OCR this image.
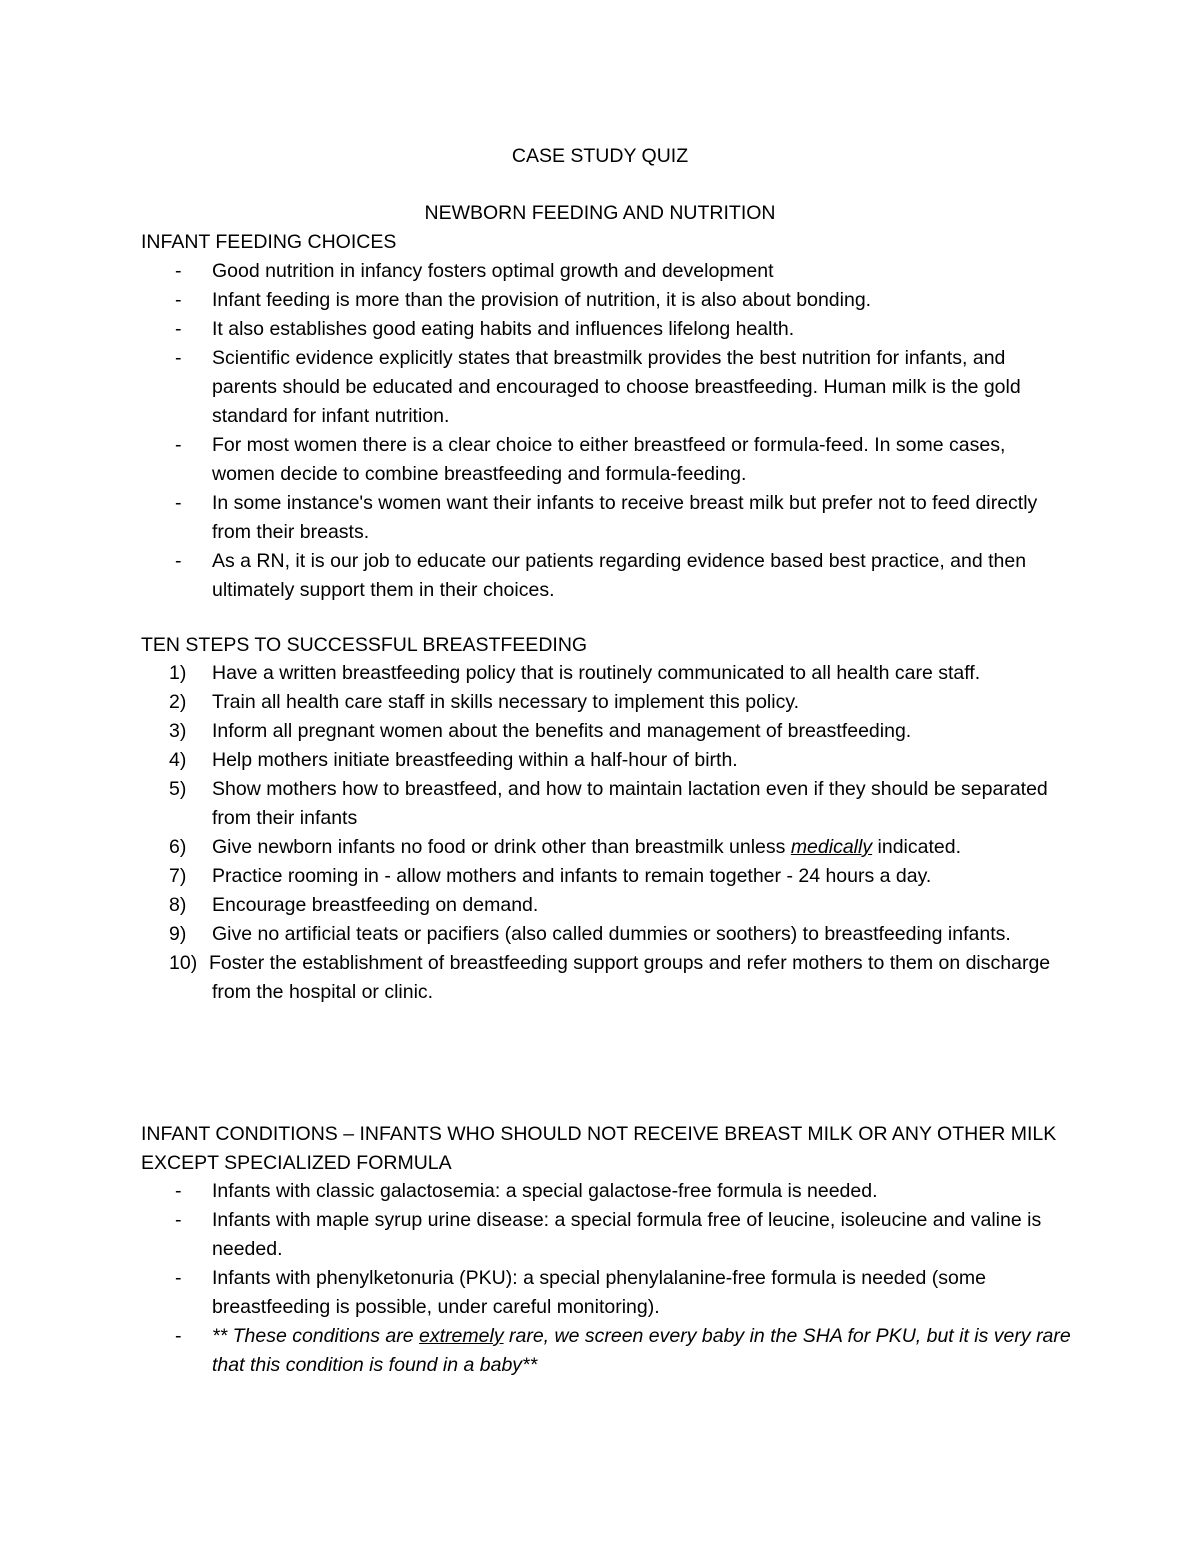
CASE STUDY QUIZ
NEWBORN FEEDING AND NUTRITION
INFANT FEEDING CHOICES
- Good nutrition in infancy fosters optimal growth and development
- Infant feeding is more than the provision of nutrition, it is also about bonding.
- It also establishes good eating habits and influences lifelong health.
- Scientific evidence explicitly states that breastmilk provides the best nutrition for infants, and parents should be educated and encouraged to choose breastfeeding. Human milk is the gold standard for infant nutrition.
- For most women there is a clear choice to either breastfeed or formula-feed. In some cases, women decide to combine breastfeeding and formula-feeding.
- In some instance's women want their infants to receive breast milk but prefer not to feed directly from their breasts.
- As a RN, it is our job to educate our patients regarding evidence based best practice, and then ultimately support them in their choices.
TEN STEPS TO SUCCESSFUL BREASTFEEDING
1)	Have a written breastfeeding policy that is routinely communicated to all health care staff.
2)	Train all health care staff in skills necessary to implement this policy.
3)	Inform all pregnant women about the benefits and management of breastfeeding.
4)	Help mothers initiate breastfeeding within a half-hour of birth.
5)	Show mothers how to breastfeed, and how to maintain lactation even if they should be separated from their infants
6)	Give newborn infants no food or drink other than breastmilk unless medically indicated.
7)	Practice rooming in - allow mothers and infants to remain together - 24 hours a day.
8)	Encourage breastfeeding on demand.
9)	Give no artificial teats or pacifiers (also called dummies or soothers) to breastfeeding infants.
10) Foster the establishment of breastfeeding support groups and refer mothers to them on discharge from the hospital or clinic.
INFANT CONDITIONS – INFANTS WHO SHOULD NOT RECEIVE BREAST MILK OR ANY OTHER MILK EXCEPT SPECIALIZED FORMULA
- Infants with classic galactosemia: a special galactose-free formula is needed.
- Infants with maple syrup urine disease: a special formula free of leucine, isoleucine and valine is needed.
- Infants with phenylketonuria (PKU): a special phenylalanine-free formula is needed (some breastfeeding is possible, under careful monitoring).
- ** These conditions are extremely rare, we screen every baby in the SHA for PKU, but it is very rare that this condition is found in a baby**
